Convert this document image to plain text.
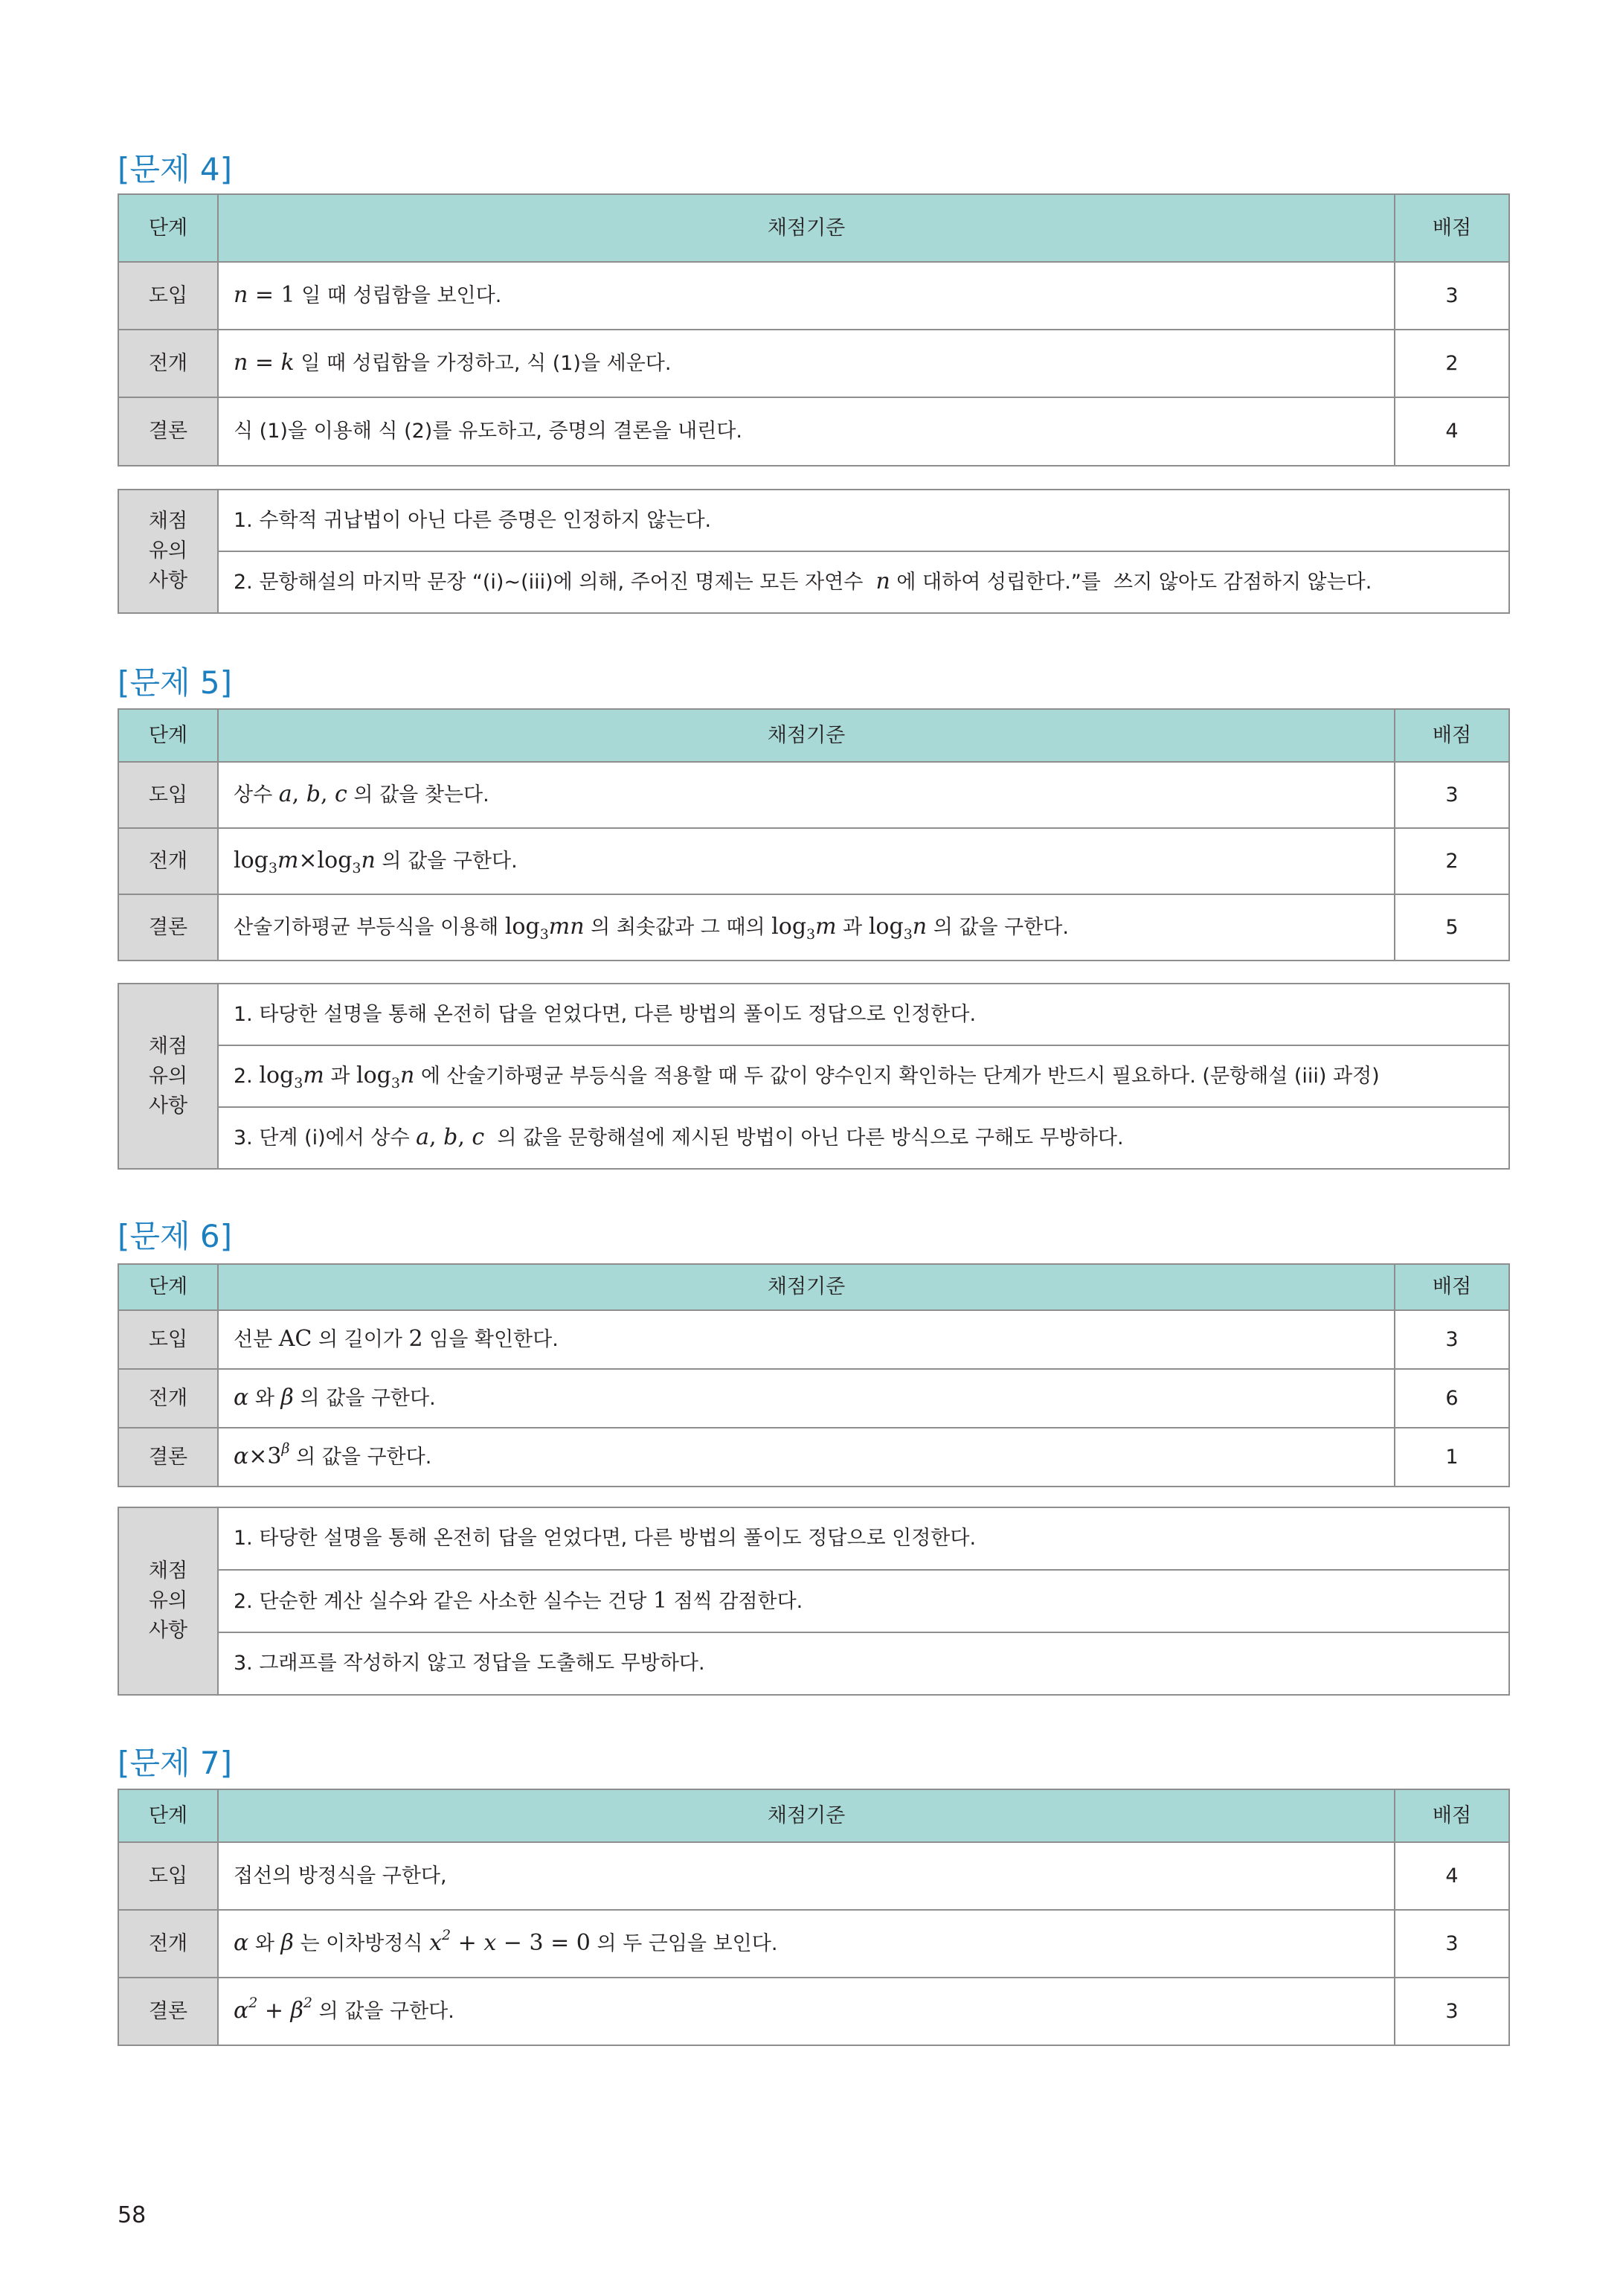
[문제 4]
단계	채점기준	배점
도입	n = 1 일 때 성립함을 보인다.	3
전개	n = k 일 때 성립함을 가정하고, 식 (1)을 세운다.	2
결론	식 (1)을 이용해 식 (2)를 유도하고, 증명의 결론을 내린다.	4
채점
유의
사항
	1. 수학적 귀납법이 아닌 다른 증명은 인정하지 않는다.
2. 문항해설의 마지막 문장 “(i)~(iii)에 의해, 주어진 명제는 모든 자연수  n 에 대하여 성립한다.”를  쓰지 않아도 감점하지 않는다.
[문제 5]
단계	채점기준	배점
도입	상수 a, b, c 의 값을 찾는다.	3
전개	$\log_3m\times\log_3n$ 의 값을 구한다.	2
결론	산술기하평균 부등식을 이용해 $\log_3mn$ 의 최솟값과 그 때의 $\log_3m$ 과 $\log_3n$ 의 값을 구한다.	5
채점
유의
사항
	1. 타당한 설명을 통해 온전히 답을 얻었다면, 다른 방법의 풀이도 정답으로 인정한다.
2. $\log_3m$ 과 $\log_3n$ 에 산술기하평균 부등식을 적용할 때 두 값이 양수인지 확인하는 단계가 반드시 필요하다. (문항해설 (iii) 과정)
3. 단계 (i)에서 상수 a, b, c  의 값을 문항해설에 제시된 방법이 아닌 다른 방식으로 구해도 무방하다.
[문제 6]
단계	채점기준	배점
도입	선분 AC 의 길이가 2 임을 확인한다.	3
전개	α 와 β 의 값을 구한다.	6
결론	$\alpha\times 3^\beta$ 의 값을 구한다.	1
채점
유의
사항
	1. 타당한 설명을 통해 온전히 답을 얻었다면, 다른 방법의 풀이도 정답으로 인정한다.
2. 단순한 계산 실수와 같은 사소한 실수는 건당 1 점씩 감점한다.
3. 그래프를 작성하지 않고 정답을 도출해도 무방하다.
[문제 7]
단계	채점기준	배점
도입	접선의 방정식을 구한다,	4
전개	α 와 β 는 이차방정식 $x^2 + x - 3 = 0$ 의 두 근임을 보인다.	3
결론	$\alpha^2 + \beta^2$ 의 값을 구한다.	3
58
